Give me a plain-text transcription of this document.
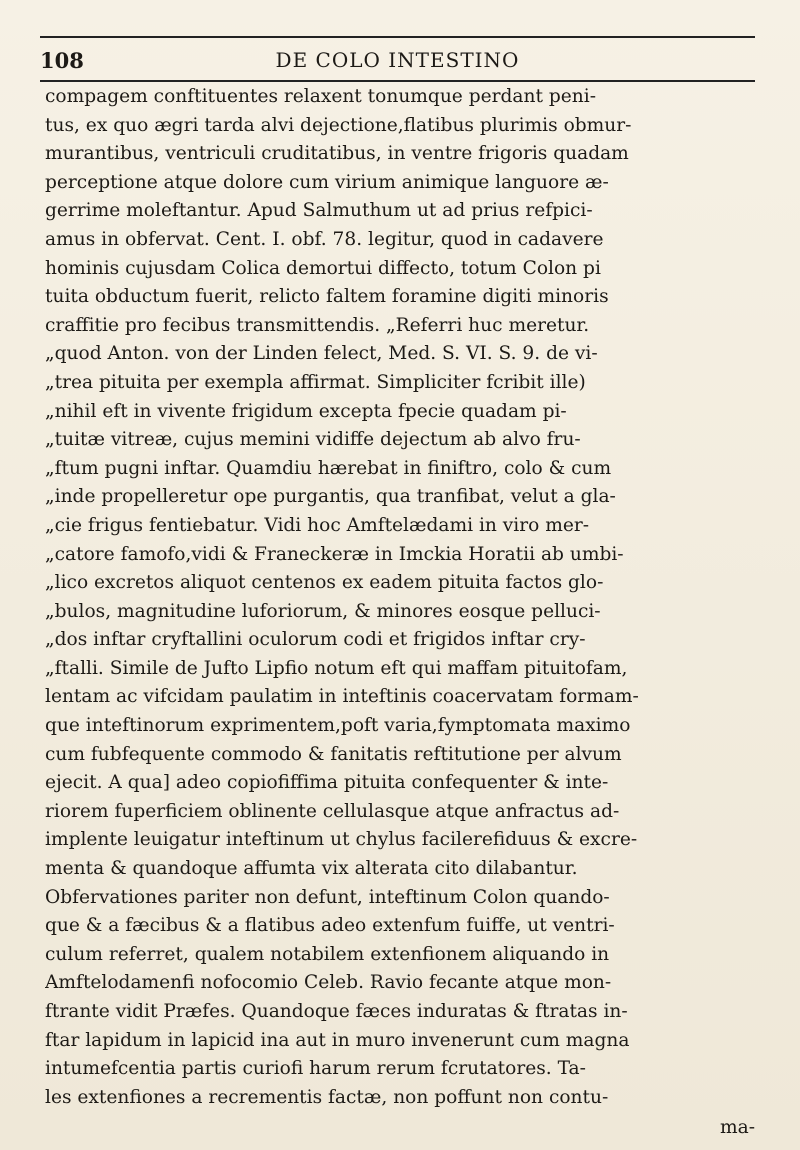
108	DE COLO INTESTINO
compagem conftituentes relaxent tonumque perdant peni-
tus, ex quo ægri tarda alvi dejectione,flatibus plurimis obmur-
murantibus, ventriculi cruditatibus, in ventre frigoris quadam
perceptione atque dolore cum virium animique languore æ-
gerrime moleftantur. Apud Salmuthum ut ad prius refpici-
amus in obfervat. Cent. I. obf. 78. legitur, quod in cadavere
hominis cujusdam Colica demortui diffecto, totum Colon pi
tuita obductum fuerit, relicto faltem foramine digiti minoris
craffitie pro fecibus transmittendis. „Referri huc meretur.
„quod Anton. von der Linden felect, Med. S. VI. S. 9. de vi-
„trea pituita per exempla affirmat. Simpliciter fcribit ille)
„nihil eft in vivente frigidum excepta fpecie quadam pi-
„tuitæ vitreæ, cujus memini vidiffe dejectum ab alvo fru-
„ftum pugni inftar. Quamdiu hærebat in finiftro, colo & cum
„inde propelleretur ope purgantis, qua tranfibat, velut a gla-
„cie frigus fentiebatur. Vidi hoc Amftelædami in viro mer-
„catore famofo,vidi & Franeckeræ in Imckia Horatii ab umbi-
„lico excretos aliquot centenos ex eadem pituita factos glo-
„bulos, magnitudine luforiorum, & minores eosque pelluci-
„dos inftar cryftallini oculorum codi et frigidos inftar cry-
„ftalli. Simile de Jufto Lipfio notum eft qui maffam pituitofam,
lentam ac vifcidam paulatim in inteftinis coacervatam formam-
que inteftinorum exprimentem,poft varia,fymptomata maximo
cum fubfequente commodo & fanitatis reftitutione per alvum
ejecit. A qua] adeo copiofiffima pituita confequenter & inte-
riorem fuperficiem oblinente cellulasque atque anfractus ad-
implente leuigatur inteftinum ut chylus facilerefiduus & excre-
menta & quandoque affumta vix alterata cito dilabantur.
Obfervationes pariter non defunt, inteftinum Colon quando-
que & a fæcibus & a flatibus adeo extenfum fuiffe, ut ventri-
culum referret, qualem notabilem extenfionem aliquando in
Amftelodamenfi nofocomio Celeb. Ravio fecante atque mon-
ftrante vidit Præfes. Quandoque fæces induratas & ftratas in-
ftar lapidum in lapicid ina aut in muro invenerunt cum magna
intumefcentia partis curiofi harum rerum fcrutatores. Ta-
les extenfiones a recrementis factæ, non poffunt non contu-
ma-
